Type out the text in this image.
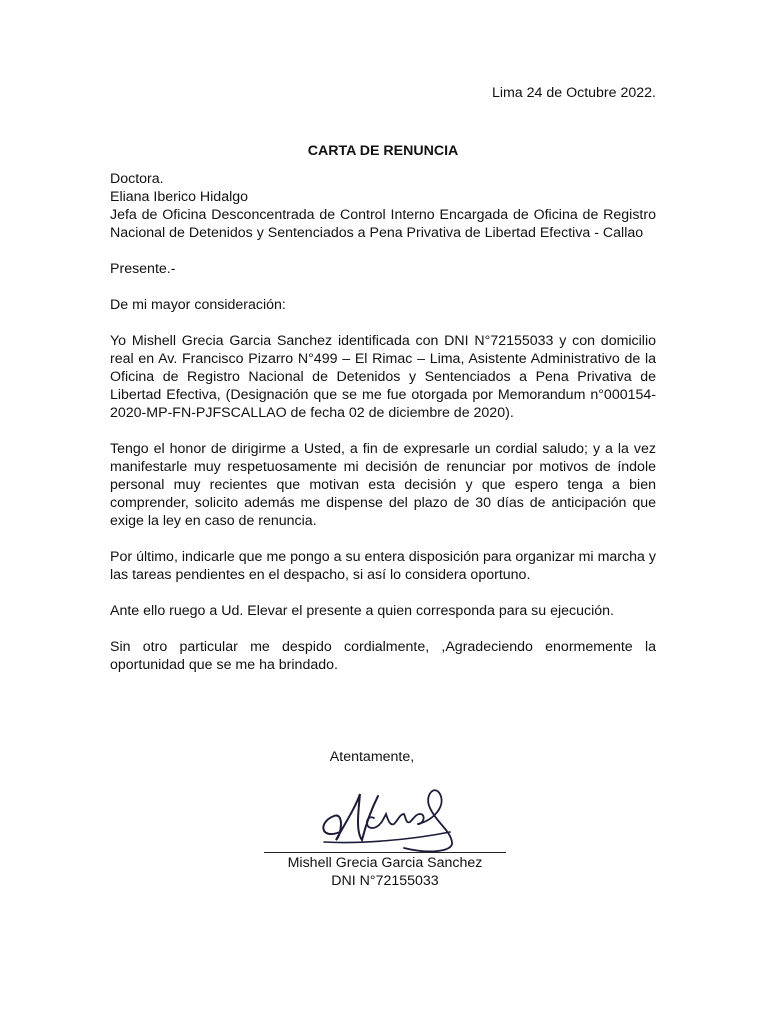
Lima 24 de Octubre 2022.

CARTA DE RENUNCIA

Doctora.
Eliana Iberico Hidalgo
Jefa de Oficina Desconcentrada de Control Interno Encargada de Oficina de Registro Nacional de Detenidos y Sentenciados a Pena Privativa de Libertad Efectiva - Callao

Presente.-

De mi mayor consideración:

Yo Mishell Grecia Garcia Sanchez identificada con DNI N°72155033 y con domicilio real en Av. Francisco Pizarro N°499 – El Rimac – Lima, Asistente Administrativo de la Oficina de Registro Nacional de Detenidos y Sentenciados a Pena Privativa de Libertad Efectiva, (Designación que se me fue otorgada por Memorandum n°000154-2020-MP-FN-PJFSCALLAO de fecha 02 de diciembre de 2020).

Tengo el honor de dirigirme a Usted, a fin de expresarle un cordial saludo; y a la vez manifestarle muy respetuosamente mi decisión de renunciar por motivos de índole personal muy recientes que motivan esta decisión y que espero tenga a bien comprender, solicito además me dispense del plazo de 30 días de anticipación que exige la ley en caso de renuncia.

Por último, indicarle que me pongo a su entera disposición para organizar mi marcha y las tareas pendientes en el despacho, si así lo considera oportuno.

Ante ello ruego a Ud. Elevar el presente a quien corresponda para su ejecución.

Sin otro particular me despido cordialmente, ,Agradeciendo enormemente la oportunidad que se me ha brindado.

Atentamente,

Mishell Grecia Garcia Sanchez
DNI N°72155033
